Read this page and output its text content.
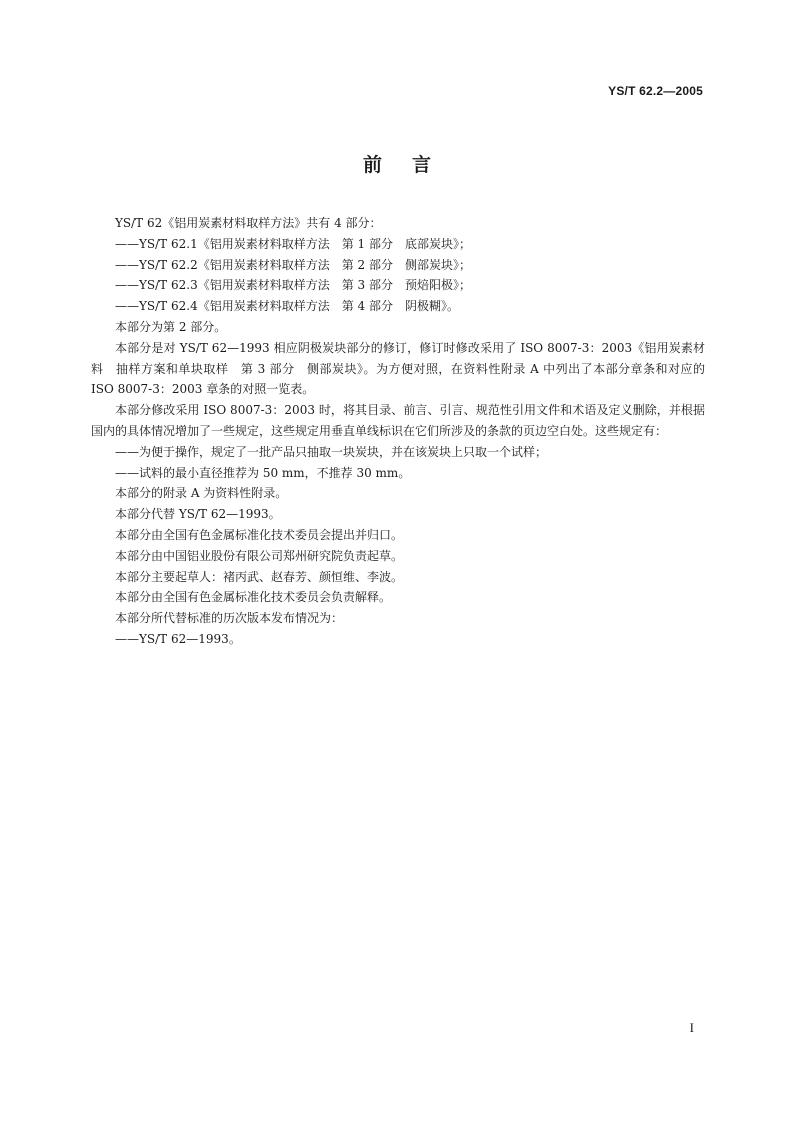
YS/T 62.2—2005
前言

YS/T 62《铝用炭素材料取样方法》共有 4 部分：

——YS/T 62.1《铝用炭素材料取样方法　第 1 部分　底部炭块》；

——YS/T 62.2《铝用炭素材料取样方法　第 2 部分　侧部炭块》；

——YS/T 62.3《铝用炭素材料取样方法　第 3 部分　预焙阳极》；

——YS/T 62.4《铝用炭素材料取样方法　第 4 部分　阴极糊》。

本部分为第 2 部分。

本部分是对 YS/T 62—1993 相应阴极炭块部分的修订，修订时修改采用了 ISO 8007-3：2003《铝用炭素材料　抽样方案和单块取样　第 3 部分　侧部炭块》。为方便对照，在资料性附录 A 中列出了本部分章条和对应的 ISO 8007-3：2003 章条的对照一览表。

本部分修改采用 ISO 8007-3：2003 时，将其目录、前言、引言、规范性引用文件和术语及定义删除，并根据国内的具体情况增加了一些规定，这些规定用垂直单线标识在它们所涉及的条款的页边空白处。这些规定有：

——为便于操作，规定了一批产品只抽取一块炭块，并在该炭块上只取一个试样；

——试料的最小直径推荐为 50 mm，不推荐 30 mm。

本部分的附录 A 为资料性附录。

本部分代替 YS/T 62—1993。

本部分由全国有色金属标准化技术委员会提出并归口。

本部分由中国铝业股份有限公司郑州研究院负责起草。

本部分主要起草人：褚丙武、赵春芳、颜恒维、李波。

本部分由全国有色金属标准化技术委员会负责解释。

本部分所代替标准的历次版本发布情况为：

——YS/T 62—1993。

I
